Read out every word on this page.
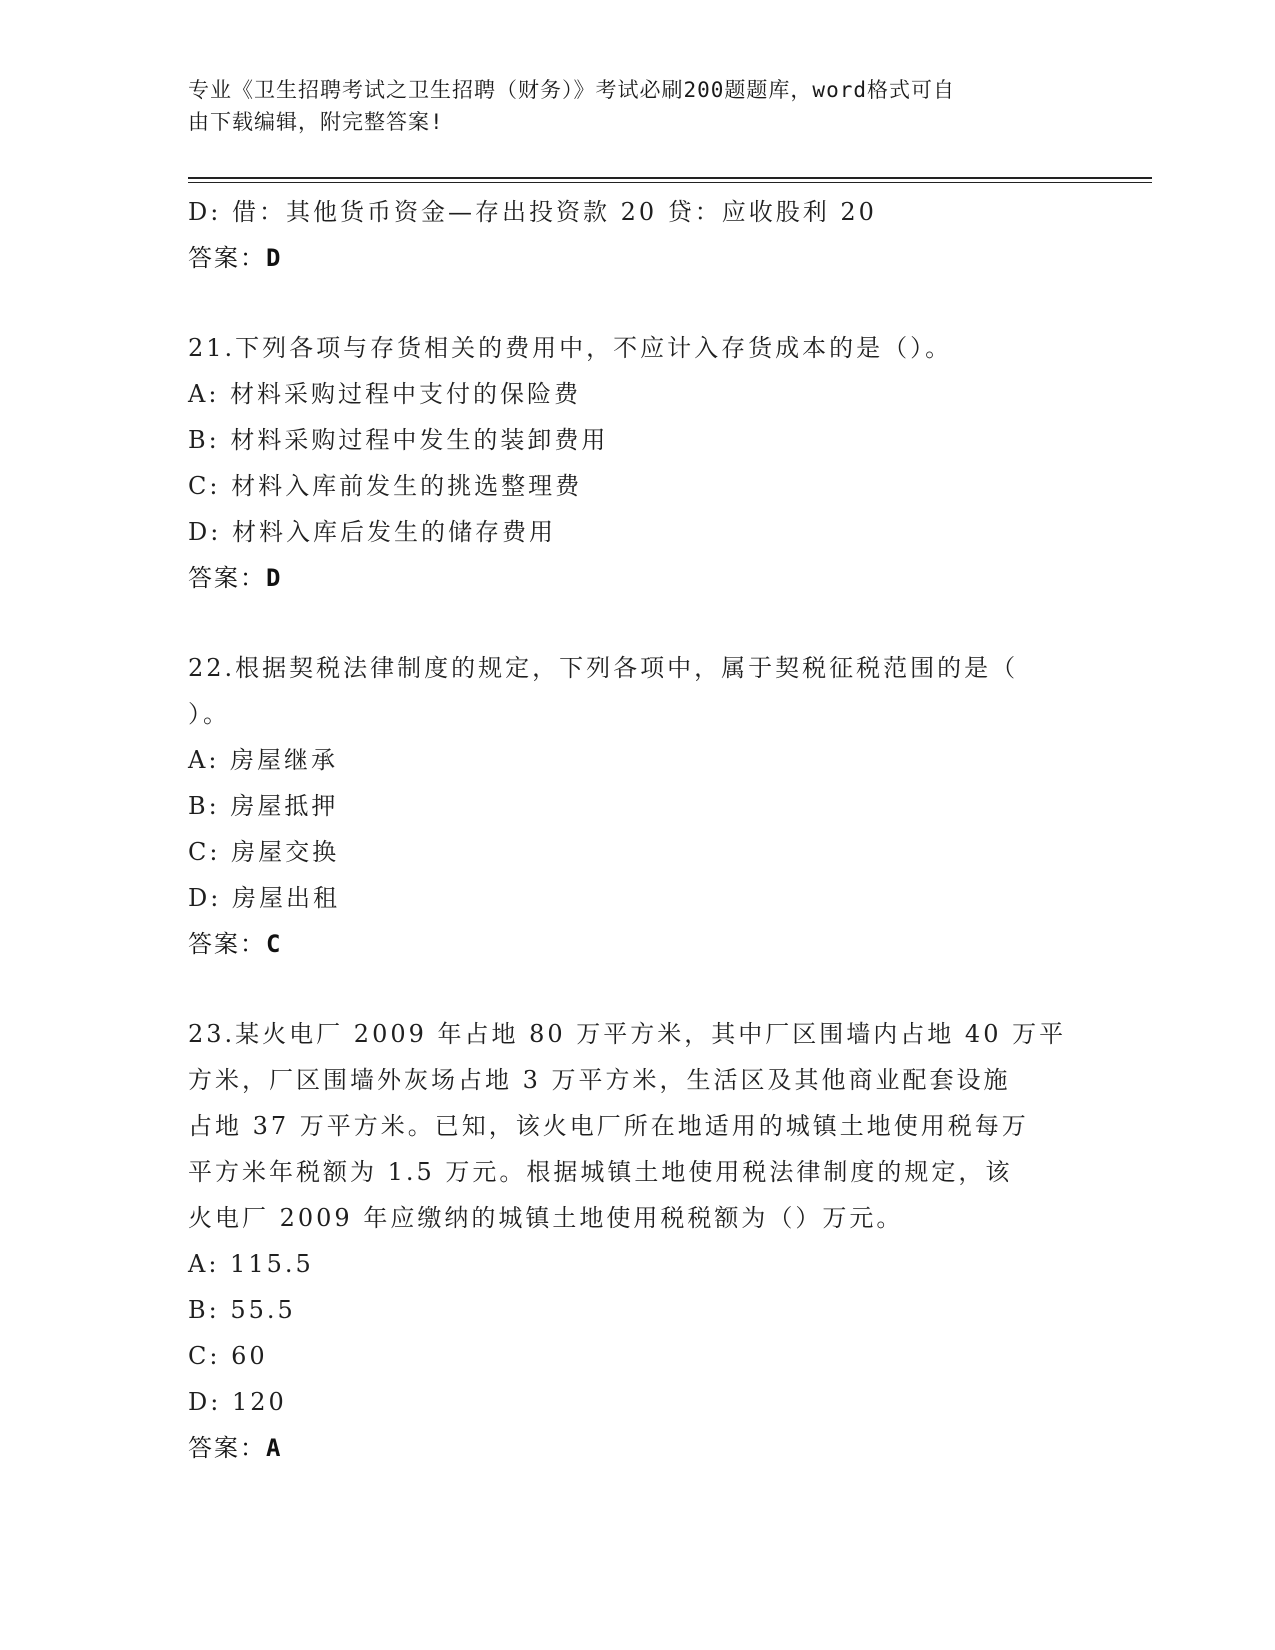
专业《卫生招聘考试之卫生招聘（财务）》考试必刷200题题库，word格式可自
由下载编辑，附完整答案!
D: 借：其他货币资金—存出投资款 20 贷：应收股利 20
答案：D
21.下列各项与存货相关的费用中，不应计入存货成本的是（）。
A: 材料采购过程中支付的保险费
B: 材料采购过程中发生的装卸费用
C: 材料入库前发生的挑选整理费
D: 材料入库后发生的储存费用
答案：D
22.根据契税法律制度的规定，下列各项中，属于契税征税范围的是（
）。
A: 房屋继承
B: 房屋抵押
C: 房屋交换
D: 房屋出租
答案：C
23.某火电厂 2009 年占地 80 万平方米，其中厂区围墙内占地 40 万平
方米，厂区围墙外灰场占地 3 万平方米，生活区及其他商业配套设施
占地 37 万平方米。已知，该火电厂所在地适用的城镇土地使用税每万
平方米年税额为 1.5 万元。根据城镇土地使用税法律制度的规定，该
火电厂 2009 年应缴纳的城镇土地使用税税额为（）万元。
A: 115.5
B: 55.5
C: 60
D: 120
答案：A
